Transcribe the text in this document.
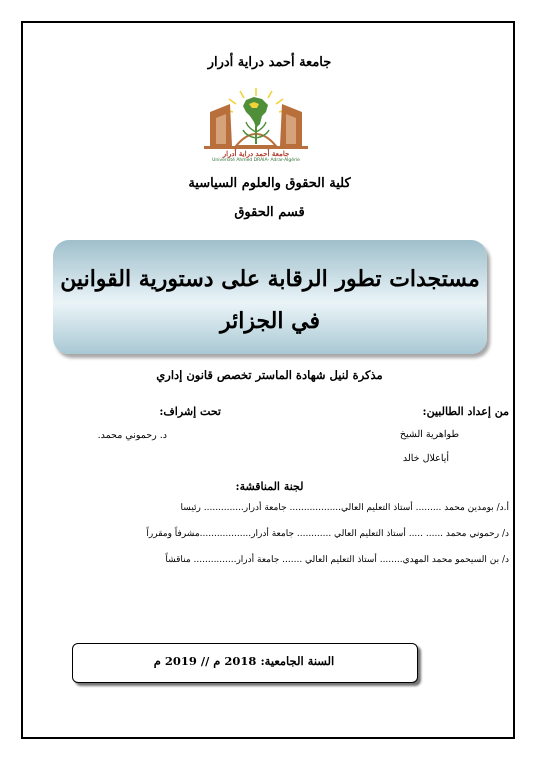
جامعة أحمد دراية أدرار
جامعة أحمد دراية أدرار
Université Ahmed DRAIA- Adrar-Algérie
كلية الحقوق والعلوم السياسية
قسم الحقوق
مستجدات تطور الرقابة على دستورية القوانين
في الجزائر
مذكرة لنيل شهادة الماستر تخصص قانون إداري
من إعداد الطالبين:
طواهرية الشيخ
أياعلال خالد
تحت إشراف:
د. رحموني محمد.
لجنة المناقشة:
أ.د/ بومدين محمد ......... أستاذ التعليم العالي.................. جامعة أدرار.............. رئيسا
د/ رحموني محمد ...... ..... أستاذ التعليم العالي ............ جامعة أدرار..................مشرفاً ومقرراً
د/ بن السيحمو محمد المهدي........ أستاذ التعليم العالي ....... جامعة أدرار............... مناقشاً
السنة الجامعية: 2018 م // 2019 م
